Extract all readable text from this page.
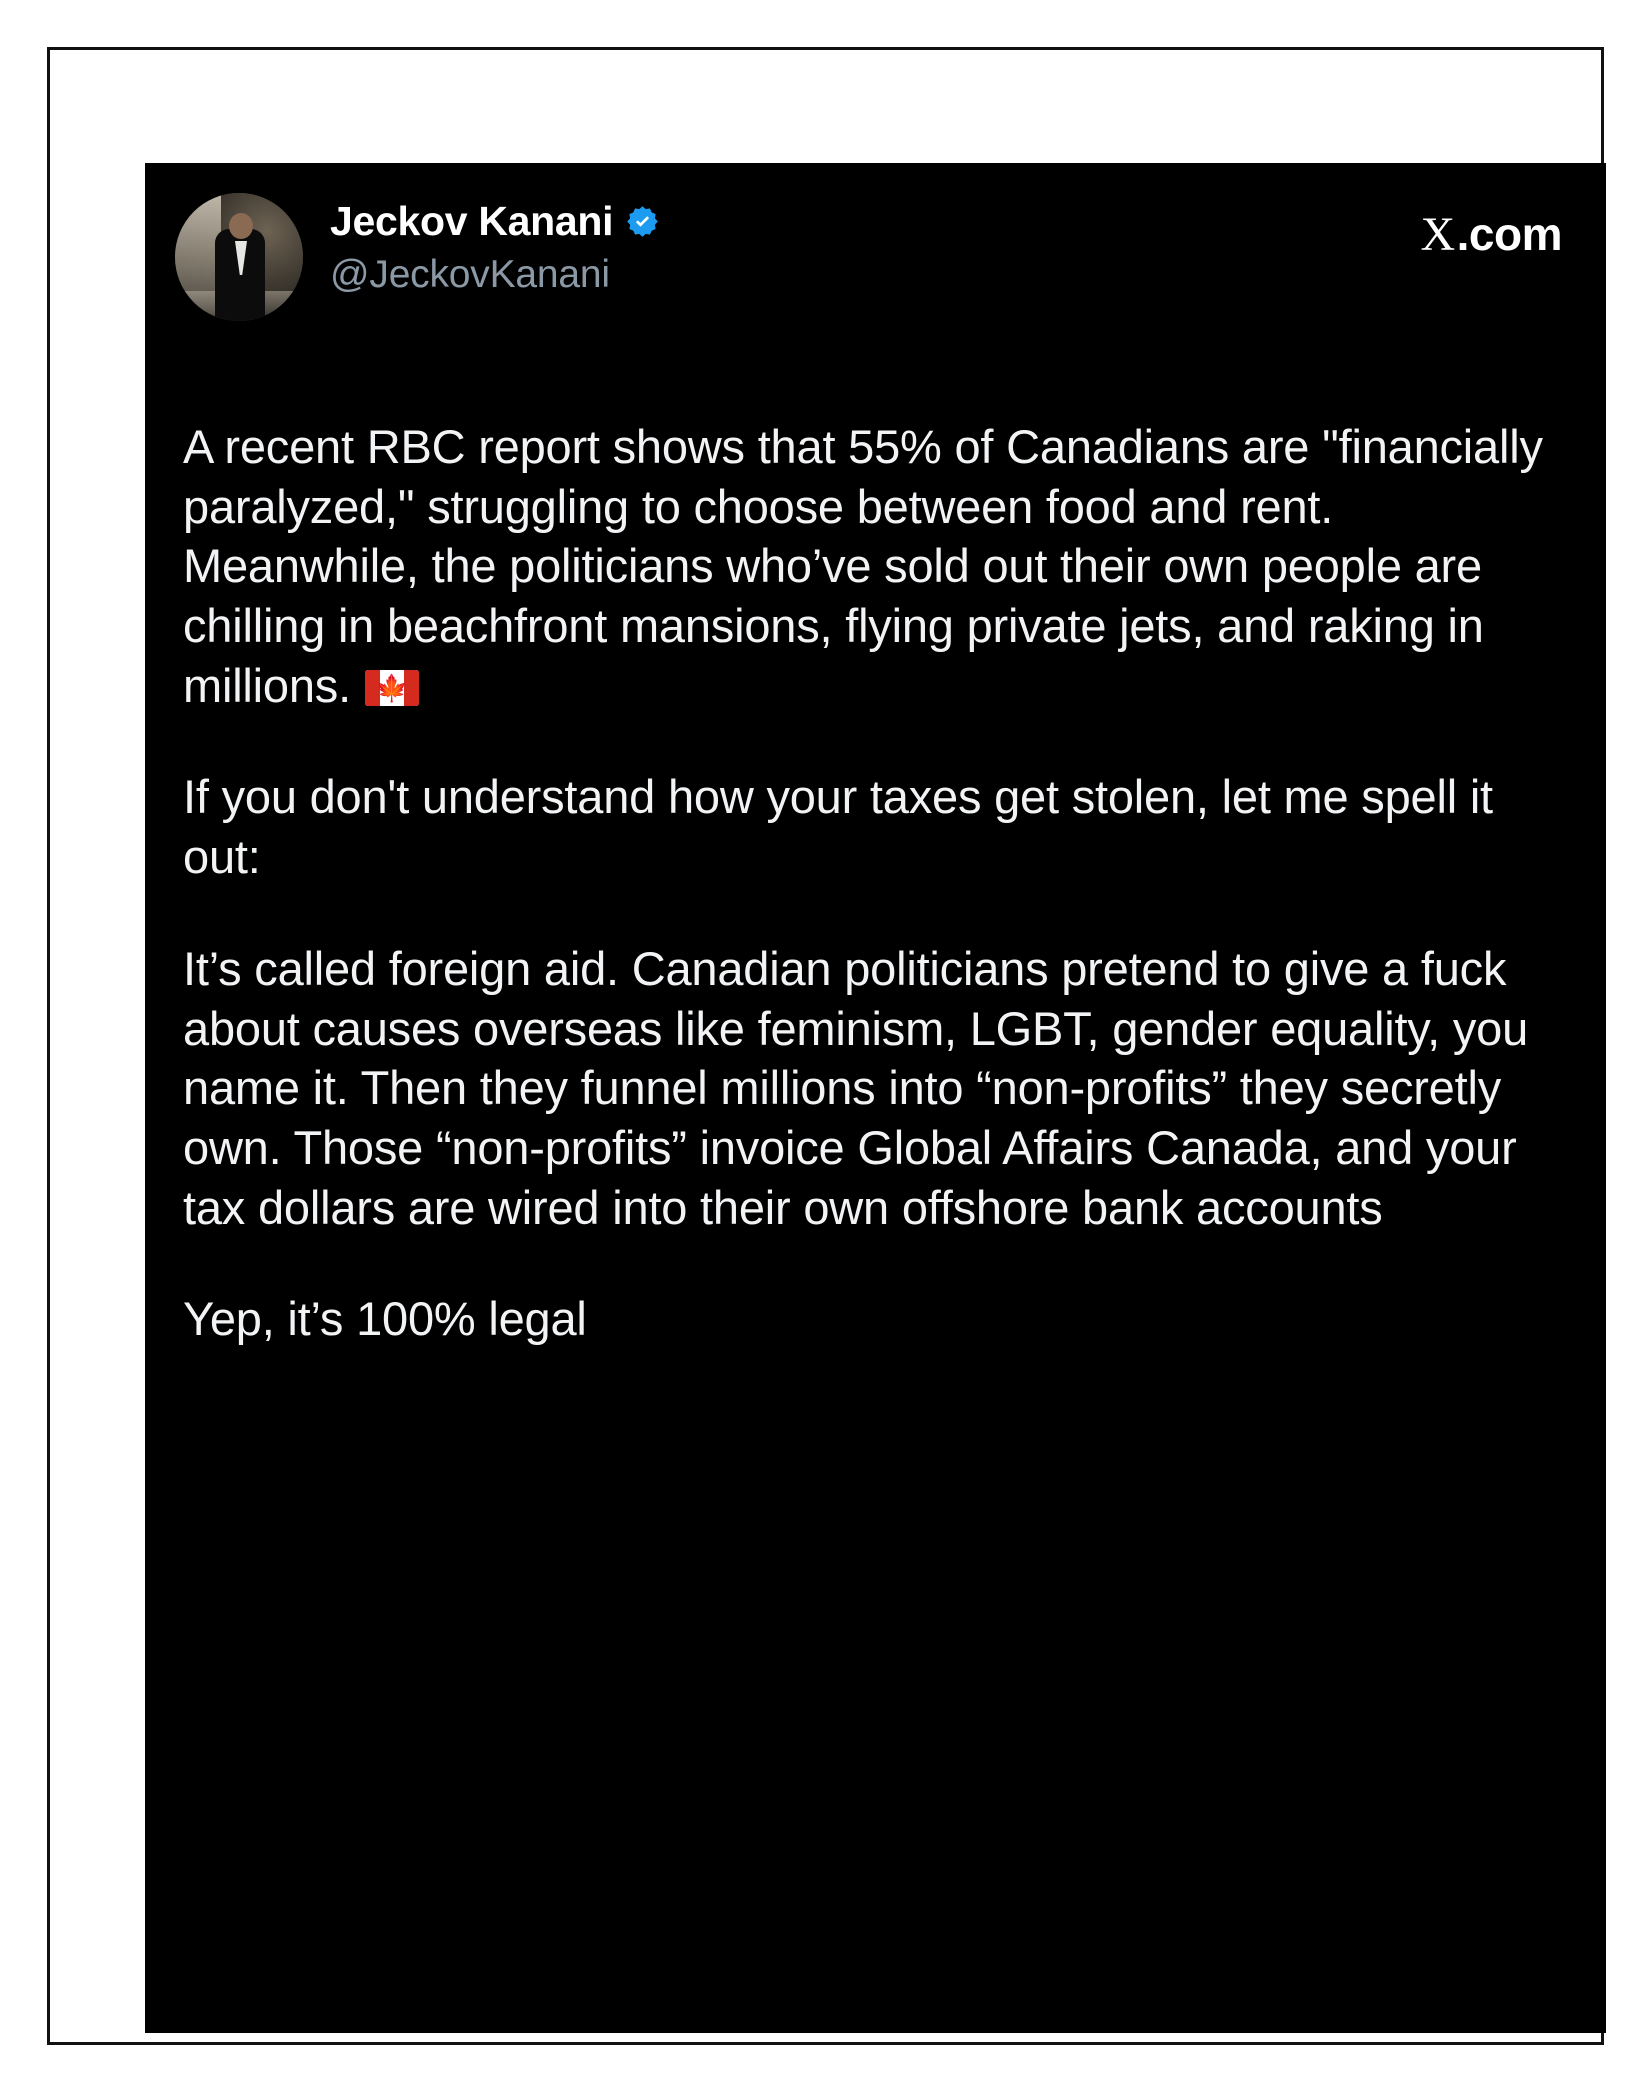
Jeckov Kanani
@JeckovKanani
X .com

A recent RBC report shows that 55% of Canadians are "financially paralyzed," struggling to choose between food and rent. Meanwhile, the politicians who’ve sold out their own people are chilling in beachfront mansions, flying private jets, and raking in millions. 🍁

If you don't understand how your taxes get stolen, let me spell it out:

It’s called foreign aid. Canadian politicians pretend to give a fuck about causes overseas like feminism, LGBT, gender equality, you name it. Then they funnel millions into “non-profits” they secretly own. Those “non-profits” invoice Global Affairs Canada, and your tax dollars are wired into their own offshore bank accounts

Yep, it’s 100% legal
